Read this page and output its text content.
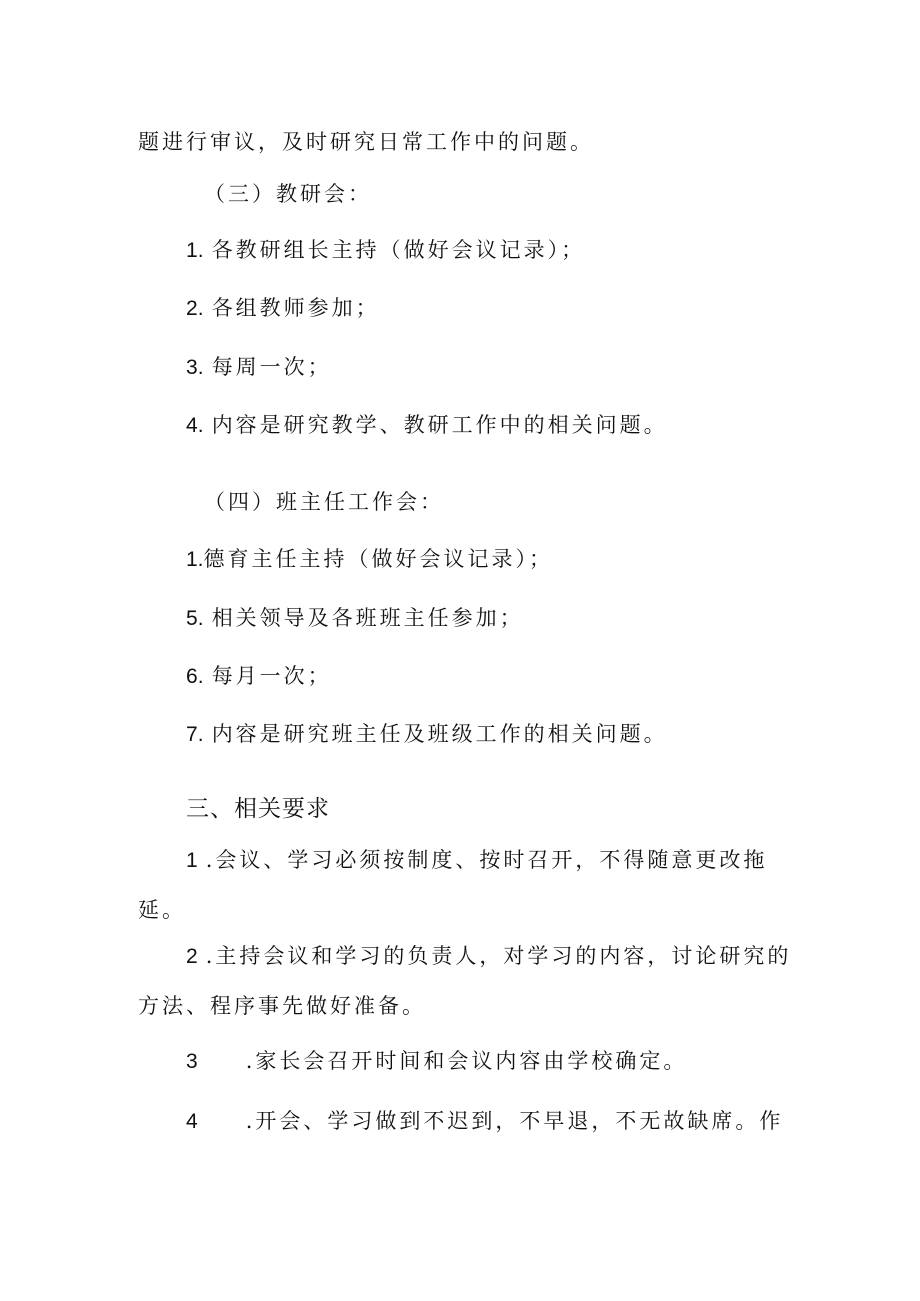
题进行审议，及时研究日常工作中的问题。
（三）教研会：
1. 各教研组长主持（做好会议记录）；
2. 各组教师参加；
3. 每周一次；
4. 内容是研究教学、教研工作中的相关问题。
（四）班主任工作会：
1.德育主任主持（做好会议记录）；
5. 相关领导及各班班主任参加；
6. 每月一次；
7. 内容是研究班主任及班级工作的相关问题。
三、相关要求
1 .会议、学习必须按制度、按时召开，不得随意更改拖
延。
2 .主持会议和学习的负责人，对学习的内容，讨论研究的
方法、程序事先做好准备。
3 .家长会召开时间和会议内容由学校确定。
4 .开会、学习做到不迟到，不早退，不无故缺席。作
